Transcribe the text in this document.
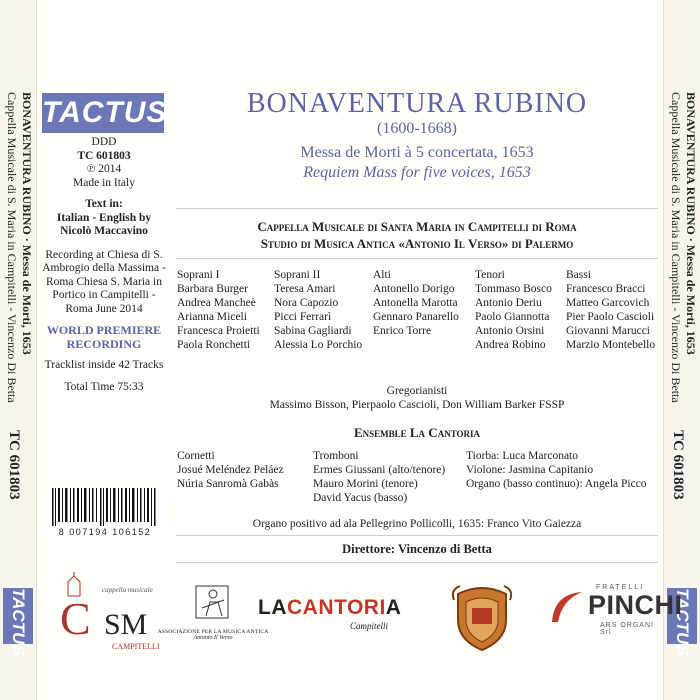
BONAVENTURA RUBINO · Messa de Morti, 1653
Cappella Musicale di S. Maria in Campitelli - Vincenzo Di Betta
TC 601803
TACTUS
BONAVENTURA RUBINO · Messa de Morti, 1653
Cappella Musicale di S. Maria in Campitelli - Vincenzo Di Betta
TC 601803
TACTUS
TACTUS
DDD
TC 601803
℗ 2014
Made in Italy
Text in:
Italian - English by Nicolò Maccavino
Recording at Chiesa di S. Ambrogio della Massima - Roma Chiesa S. Maria in Portico in Campitelli - Roma June 2014
WORLD PREMIERE RECORDING
Tracklist inside 42 Tracks
Total Time 75:33
8 007194 106152
BONAVENTURA RUBINO
(1600-1668)
Messa de Morti à 5 concertata, 1653
Requiem Mass for five voices, 1653
Cappella Musicale di Santa Maria in Campitelli di Roma
Studio di Musica Antica «Antonio Il Verso» di Palermo
Soprani I
Barbara Burger
Andrea Mancheè
Arianna Miceli
Francesca Proietti
Paola Ronchetti
Soprani II
Teresa Amari
Nora Capozio
Picci Ferrarì
Sabina Gagliardi
Alessia Lo Porchio
Alti
Antonello Dorigo
Antonella Marotta
Gennaro Panarello
Enrico Torre
Tenori
Tommaso Bosco
Antonio Deriu
Paolo Giannotta
Antonio Orsini
Andrea Robino
Bassi
Francesco Bracci
Matteo Garcovich
Pier Paolo Cascioli
Giovanni Marucci
Marzio Montebello
Gregorianisti
Massimo Bisson, Pierpaolo Cascioli, Don William Barker FSSP
Ensemble La Cantoria
Cornetti
Josué Meléndez Peláez
Núria Sanromà Gabàs
Tromboni
Ermes Giussani (alto/tenore)
Mauro Morini (tenore)
David Yacus (basso)
Tiorba: Luca Marconato
Violone: Jasmina Capitanio
Organo (basso continuo): Angela Picco
Organo positivo ad ala Pellegrino Pollicolli, 1635: Franco Vito Gaiezza
Direttore: Vincenzo di Betta
cappella musicale
C SM
CAMPITELLI
ASSOCIAZIONE PER LA MUSICA ANTICA
Antonio Il Verso
LACANTORIA
Campitelli
FRATELLI
PINCHI
ARS ORGANI Srl
